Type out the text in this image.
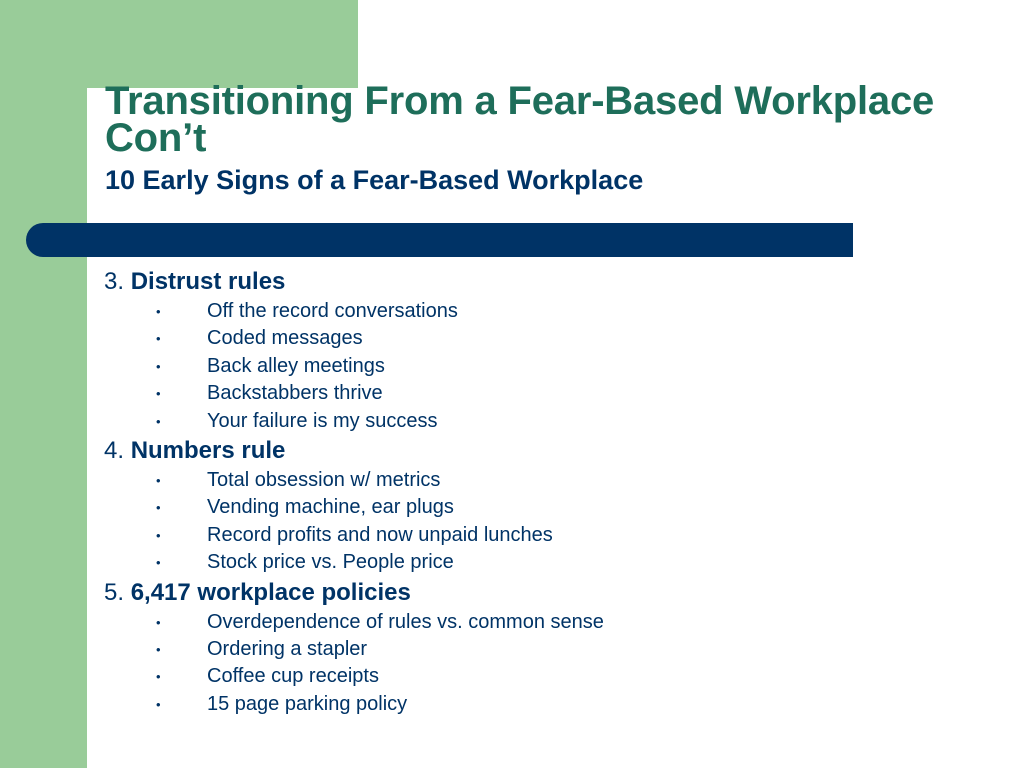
Transitioning From a Fear-Based Workplace Con’t
10 Early Signs of a Fear-Based Workplace
3. Distrust rules
• Off the record conversations
• Coded messages
• Back alley meetings
• Backstabbers thrive
• Your failure is my success
4. Numbers rule
• Total obsession w/ metrics
• Vending machine, ear plugs
• Record profits and now unpaid lunches
• Stock price vs. People price
5. 6,417 workplace policies
• Overdependence of rules vs. common sense
• Ordering a stapler
• Coffee cup receipts
• 15 page parking policy
